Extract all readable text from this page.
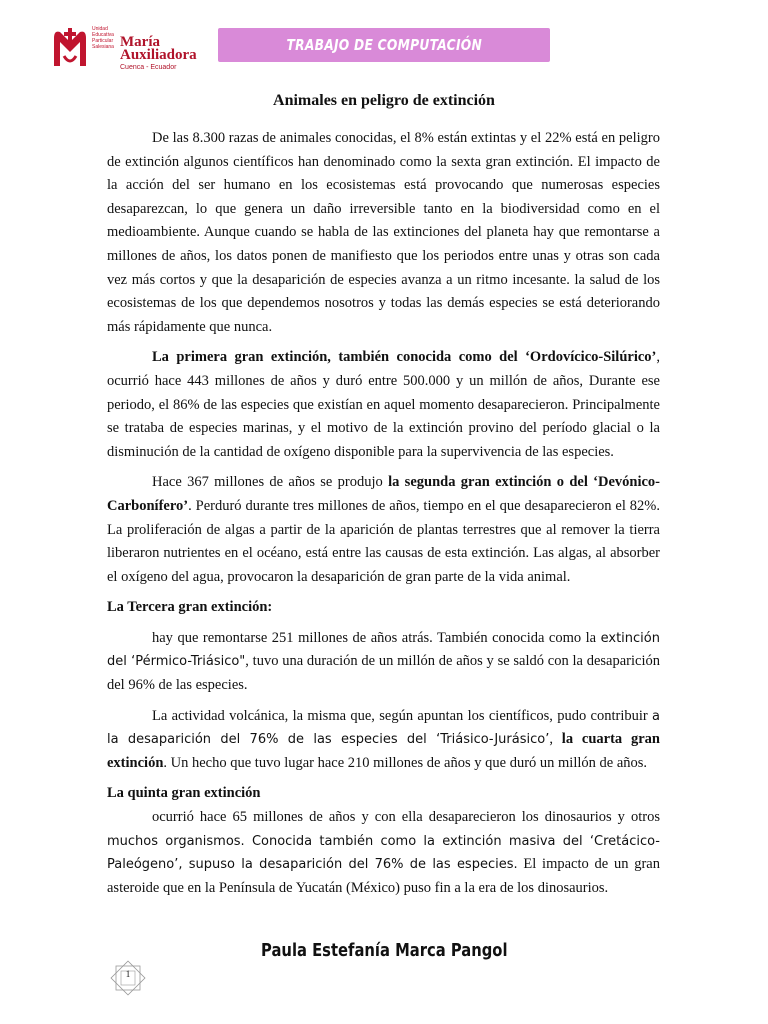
Unidad
Educativa
Particular
Salesiana María Auxiliadora
Cuenca - Ecuador
TRABAJO DE COMPUTACIÓN
Animales en peligro de extinción

De las 8.300 razas de animales conocidas, el 8% están extintas y el 22% está en peligro de extinción algunos científicos han denominado como la sexta gran extinción. El impacto de la acción del ser humano en los ecosistemas está provocando que numerosas especies desaparezcan, lo que genera un daño irreversible tanto en la biodiversidad como en el medioambiente. Aunque cuando se habla de las extinciones del planeta hay que remontarse a millones de años, los datos ponen de manifiesto que los periodos entre unas y otras son cada vez más cortos y que la desaparición de especies avanza a un ritmo incesante. la salud de los ecosistemas de los que dependemos nosotros y todas las demás especies se está deteriorando más rápidamente que nunca.

La primera gran extinción, también conocida como del ‘Ordovícico-Silúrico’, ocurrió hace 443 millones de años y duró entre 500.000 y un millón de años, Durante ese periodo, el 86% de las especies que existían en aquel momento desaparecieron. Principalmente se trataba de especies marinas, y el motivo de la extinción provino del período glacial o la disminución de la cantidad de oxígeno disponible para la supervivencia de las especies.

Hace 367 millones de años se produjo la segunda gran extinción o del ‘Devónico-Carbonífero’. Perduró durante tres millones de años, tiempo en el que desaparecieron el 82%. La proliferación de algas a partir de la aparición de plantas terrestres que al remover la tierra liberaron nutrientes en el océano, está entre las causas de esta extinción. Las algas, al absorber el oxígeno del agua, provocaron la desaparición de gran parte de la vida animal.

La Tercera gran extinción:

hay que remontarse 251 millones de años atrás. También conocida como la extinción del ‘Pérmico-Triásico", tuvo una duración de un millón de años y se saldó con la desaparición del 96% de las especies.

La actividad volcánica, la misma que, según apuntan los científicos, pudo contribuir a la desaparición del 76% de las especies del ‘Triásico-Jurásico’, la cuarta gran extinción. Un hecho que tuvo lugar hace 210 millones de años y que duró un millón de años.

La quinta gran extinción

ocurrió hace 65 millones de años y con ella desaparecieron los dinosaurios y otros muchos organismos. Conocida también como la extinción masiva del ‘Cretácico-Paleógeno’, supuso la desaparición del 76% de las especies. El impacto de un gran asteroide que en la Península de Yucatán (México) puso fin a la era de los dinosaurios.

Paula Estefanía Marca Pangol
1
